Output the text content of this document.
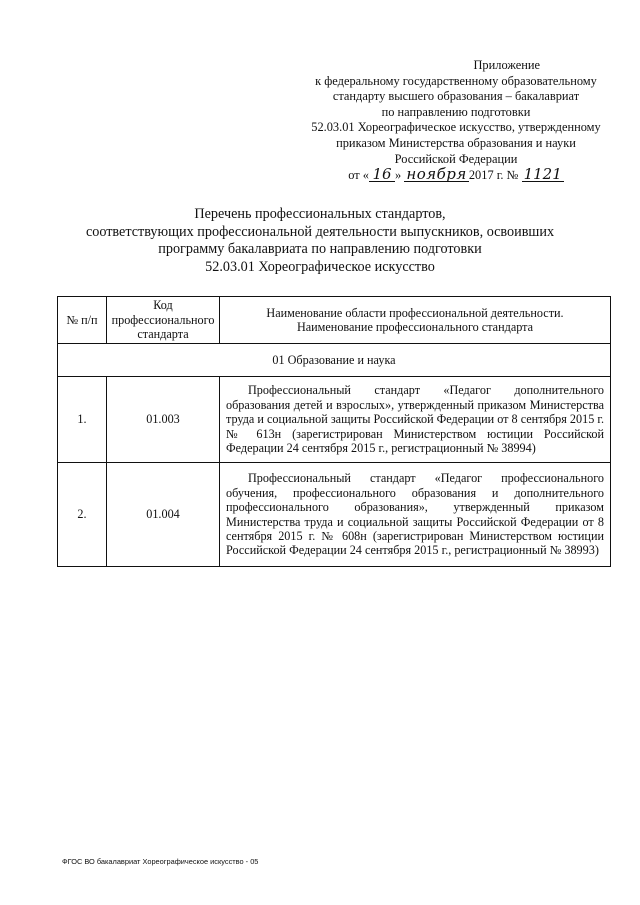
Приложение
к федеральному государственному образовательному
стандарту высшего образования – бакалавриат
по направлению подготовки
52.03.01 Хореографическое искусство, утвержденному
приказом Министерства образования и науки
Российской Федерации
от « 16 » ноября 2017 г. № 1121
Перечень профессиональных стандартов,
соответствующих профессиональной деятельности выпускников, освоивших
программу бакалавриата по направлению подготовки
52.03.01 Хореографическое искусство
№ п/п	Код профессионального стандарта	Наименование области профессиональной деятельности.
Наименование профессионального стандарта
01 Образование и наука		
1.	01.003	Профессиональный стандарт «Педагог дополнительного образования детей и взрослых», утвержденный приказом Министерства труда и социальной защиты Российской Федерации от 8 сентября 2015 г. № 613н (зарегистрирован Министерством юстиции Российской Федерации 24 сентября 2015 г., регистрационный № 38994)
2.	01.004	Профессиональный стандарт «Педагог профессионального обучения, профессионального образования и дополнительного профессионального образования», утвержденный приказом Министерства труда и социальной защиты Российской Федерации от 8 сентября 2015 г. № 608н (зарегистрирован Министерством юстиции Российской Федерации 24 сентября 2015 г., регистрационный № 38993)
ФГОС ВО бакалавриат Хореографическое искусство - 05
